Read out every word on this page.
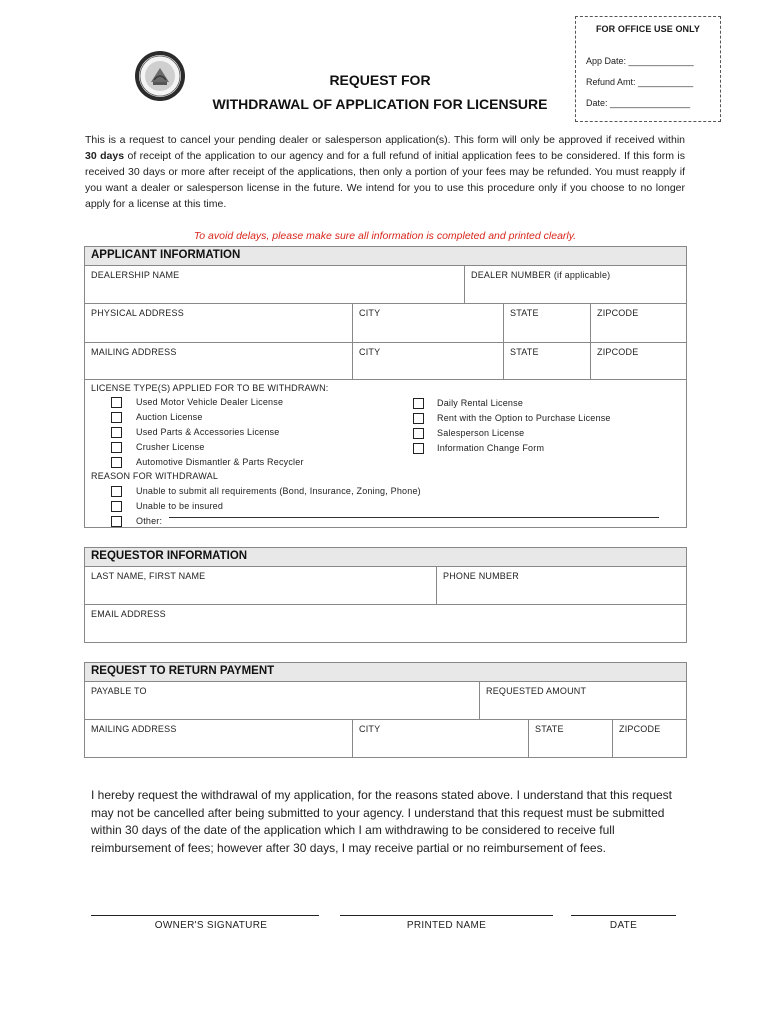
FOR OFFICE USE ONLY
App Date: _____________
Refund Amt: ___________
Date: ________________
REQUEST FOR
WITHDRAWAL OF APPLICATION FOR LICENSURE
This is a request to cancel your pending dealer or salesperson application(s). This form will only be approved if received within 30 days of receipt of the application to our agency and for a full refund of initial application fees to be considered. If this form is received 30 days or more after receipt of the applications, then only a portion of your fees may be refunded. You must reapply if you want a dealer or salesperson license in the future. We intend for you to use this procedure only if you choose to no longer apply for a license at this time.
To avoid delays, please make sure all information is completed and printed clearly.
APPLICANT INFORMATION
DEALERSHIP NAME	DEALER NUMBER (if applicable)
PHYSICAL ADDRESS	CITY	STATE	ZIPCODE
MAILING ADDRESS	CITY	STATE	ZIPCODE
LICENSE TYPE(S) APPLIED FOR TO BE WITHDRAWN:
Used Motor Vehicle Dealer License
Auction License
Used Parts & Accessories License
Crusher License
Automotive Dismantler & Parts Recycler
Daily Rental License
Rent with the Option to Purchase License
Salesperson License
Information Change Form
REASON FOR WITHDRAWAL
Unable to submit all requirements (Bond, Insurance, Zoning, Phone)
Unable to be insured
Other:
REQUESTOR INFORMATION
LAST NAME, FIRST NAME	PHONE NUMBER
EMAIL ADDRESS
REQUEST TO RETURN PAYMENT
PAYABLE TO	REQUESTED AMOUNT
MAILING ADDRESS	CITY	STATE	ZIPCODE
I hereby request the withdrawal of my application, for the reasons stated above. I understand that this request may not be cancelled after being submitted to your agency. I understand that this request must be submitted within 30 days of the date of the application which I am withdrawing to be considered to receive full reimbursement of fees; however after 30 days, I may receive partial or no reimbursement of fees.
OWNER'S SIGNATURE	PRINTED NAME	DATE
